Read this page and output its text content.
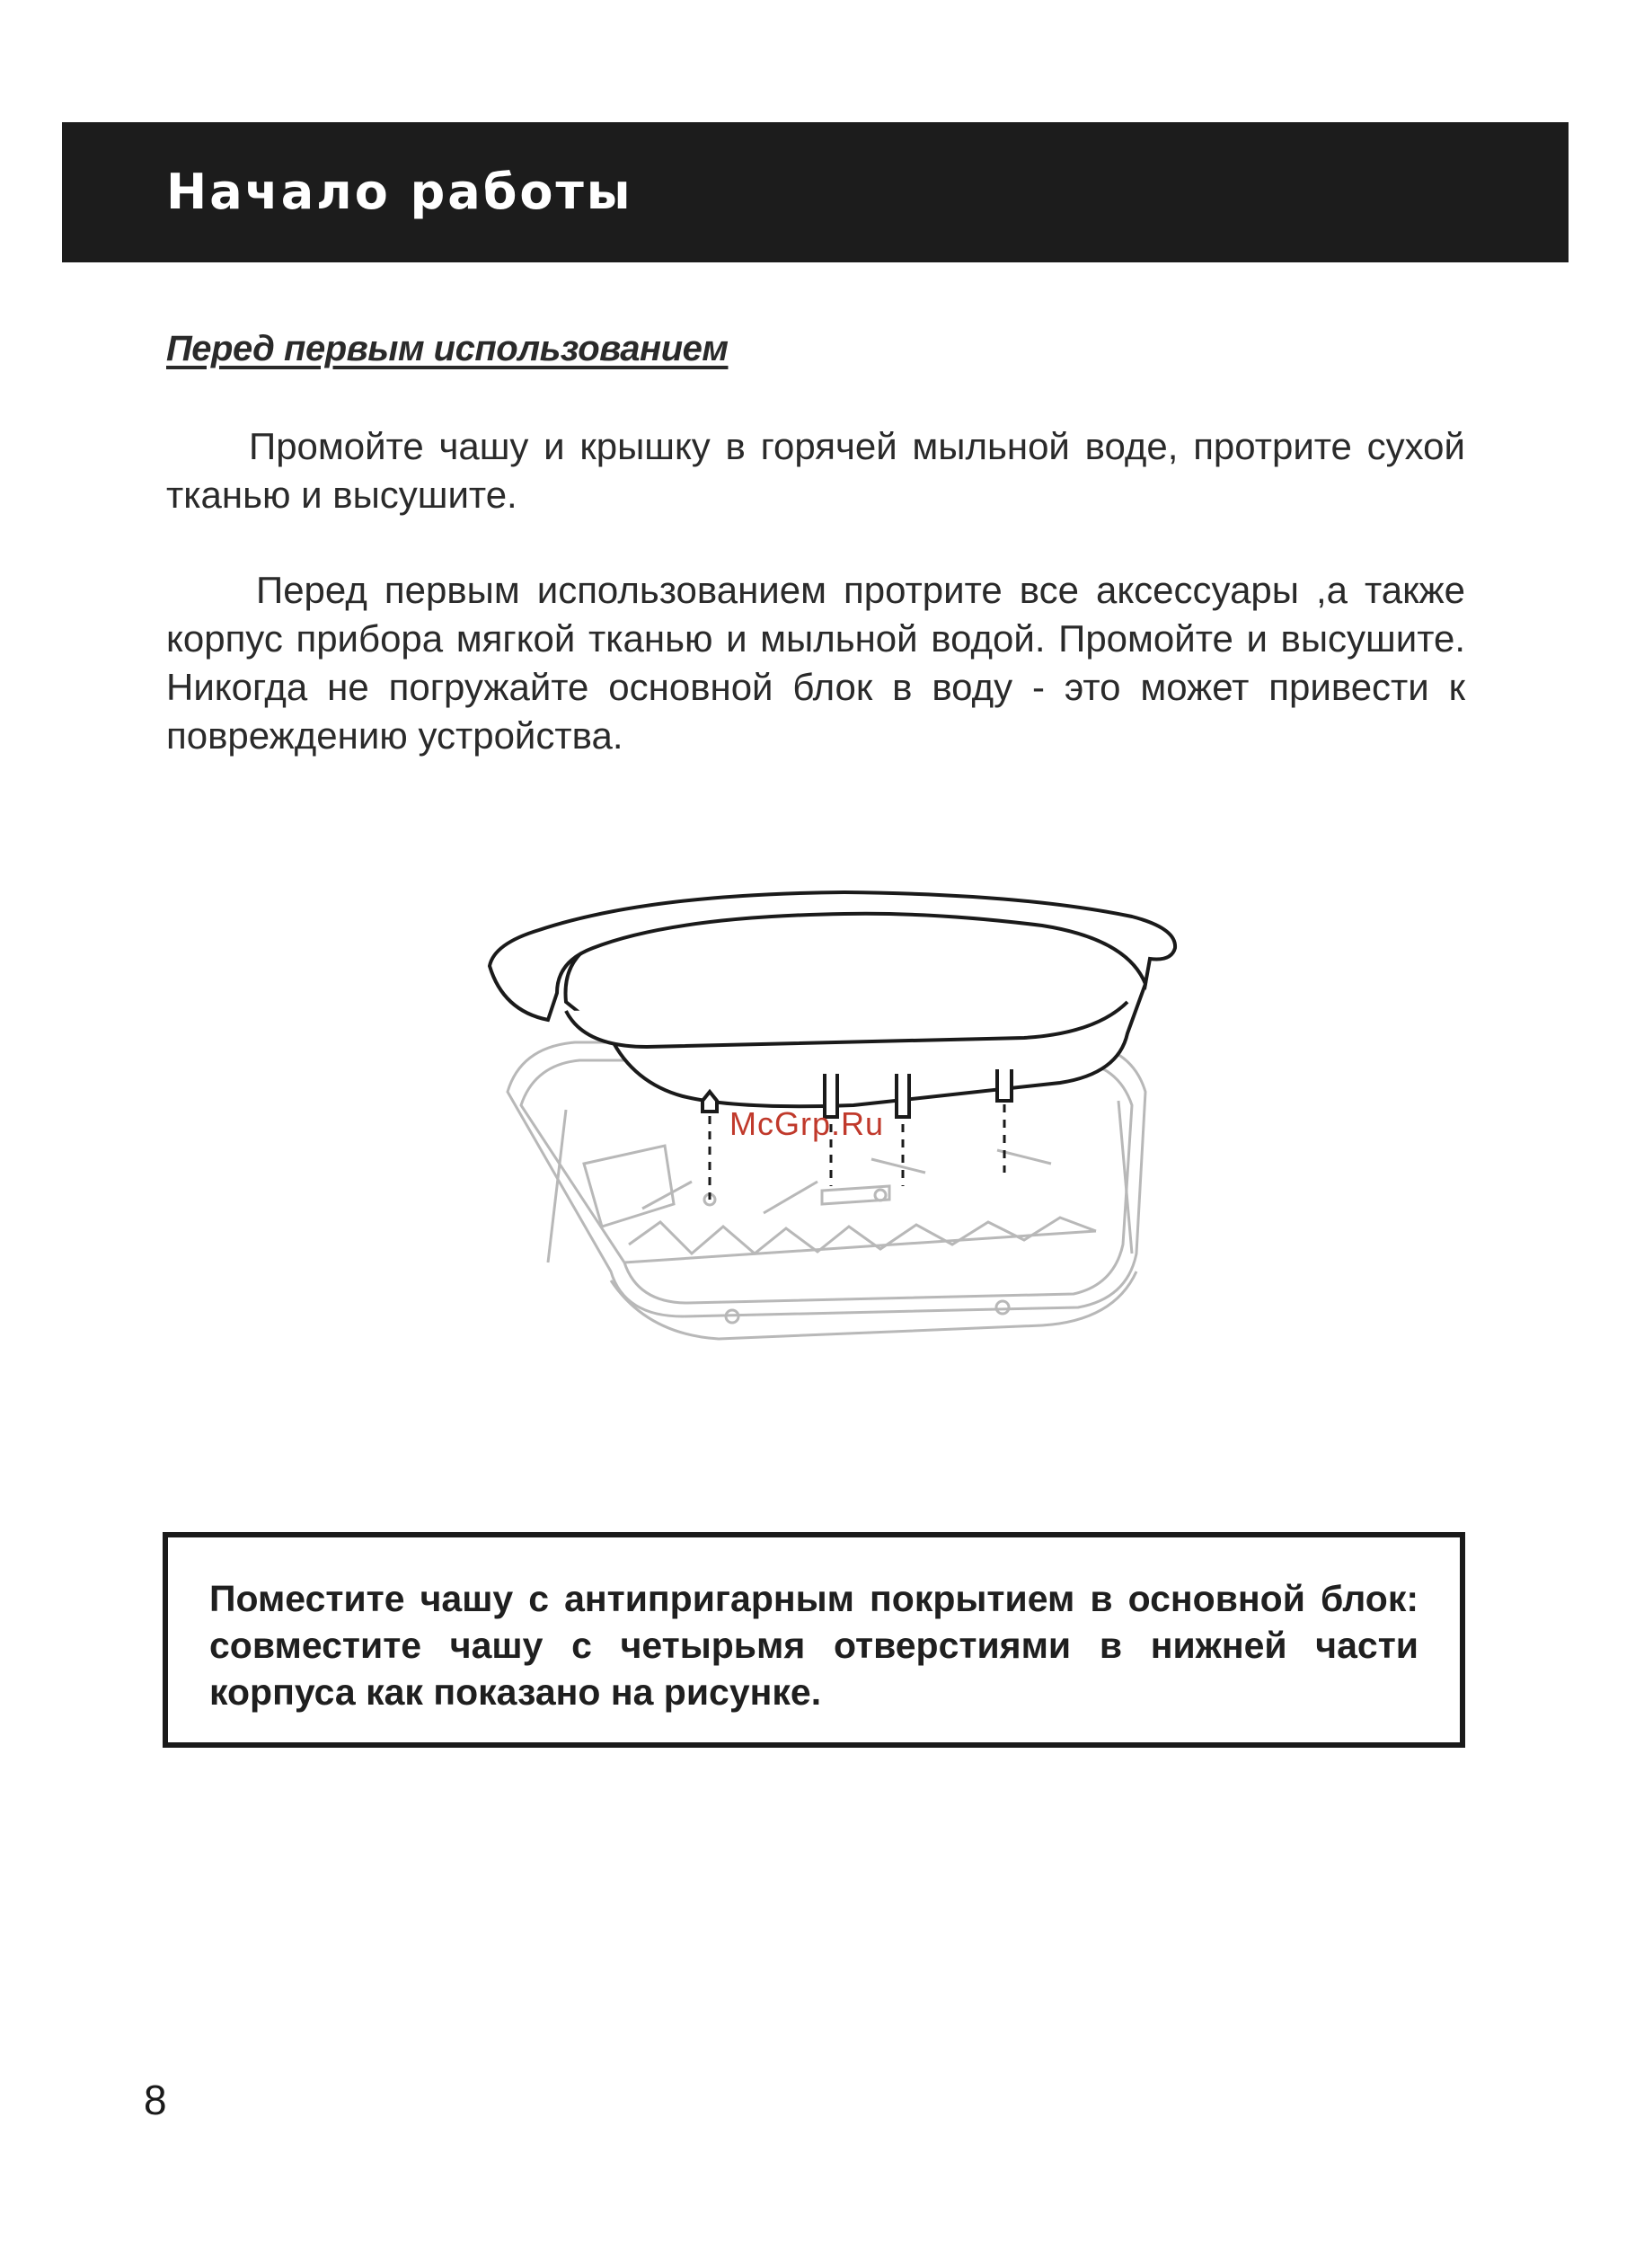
Начало работы
Перед первым использованием

Промойте чашу и крышку в горячей мыльной воде, протрите сухой тканью и высушите.

Перед первым использованием протрите все аксессуары ,а также корпус прибора мягкой тканью и мыльной водой. Промойте и высушите. Никогда не погружайте основной блок в воду - это может привести к повреждению устройства.

McGrp.Ru

Поместите чашу с антипригарным покрытием в основной блок: совместите чашу с четырьмя отверстиями в нижней части корпуса как показано на рисунке.

8
